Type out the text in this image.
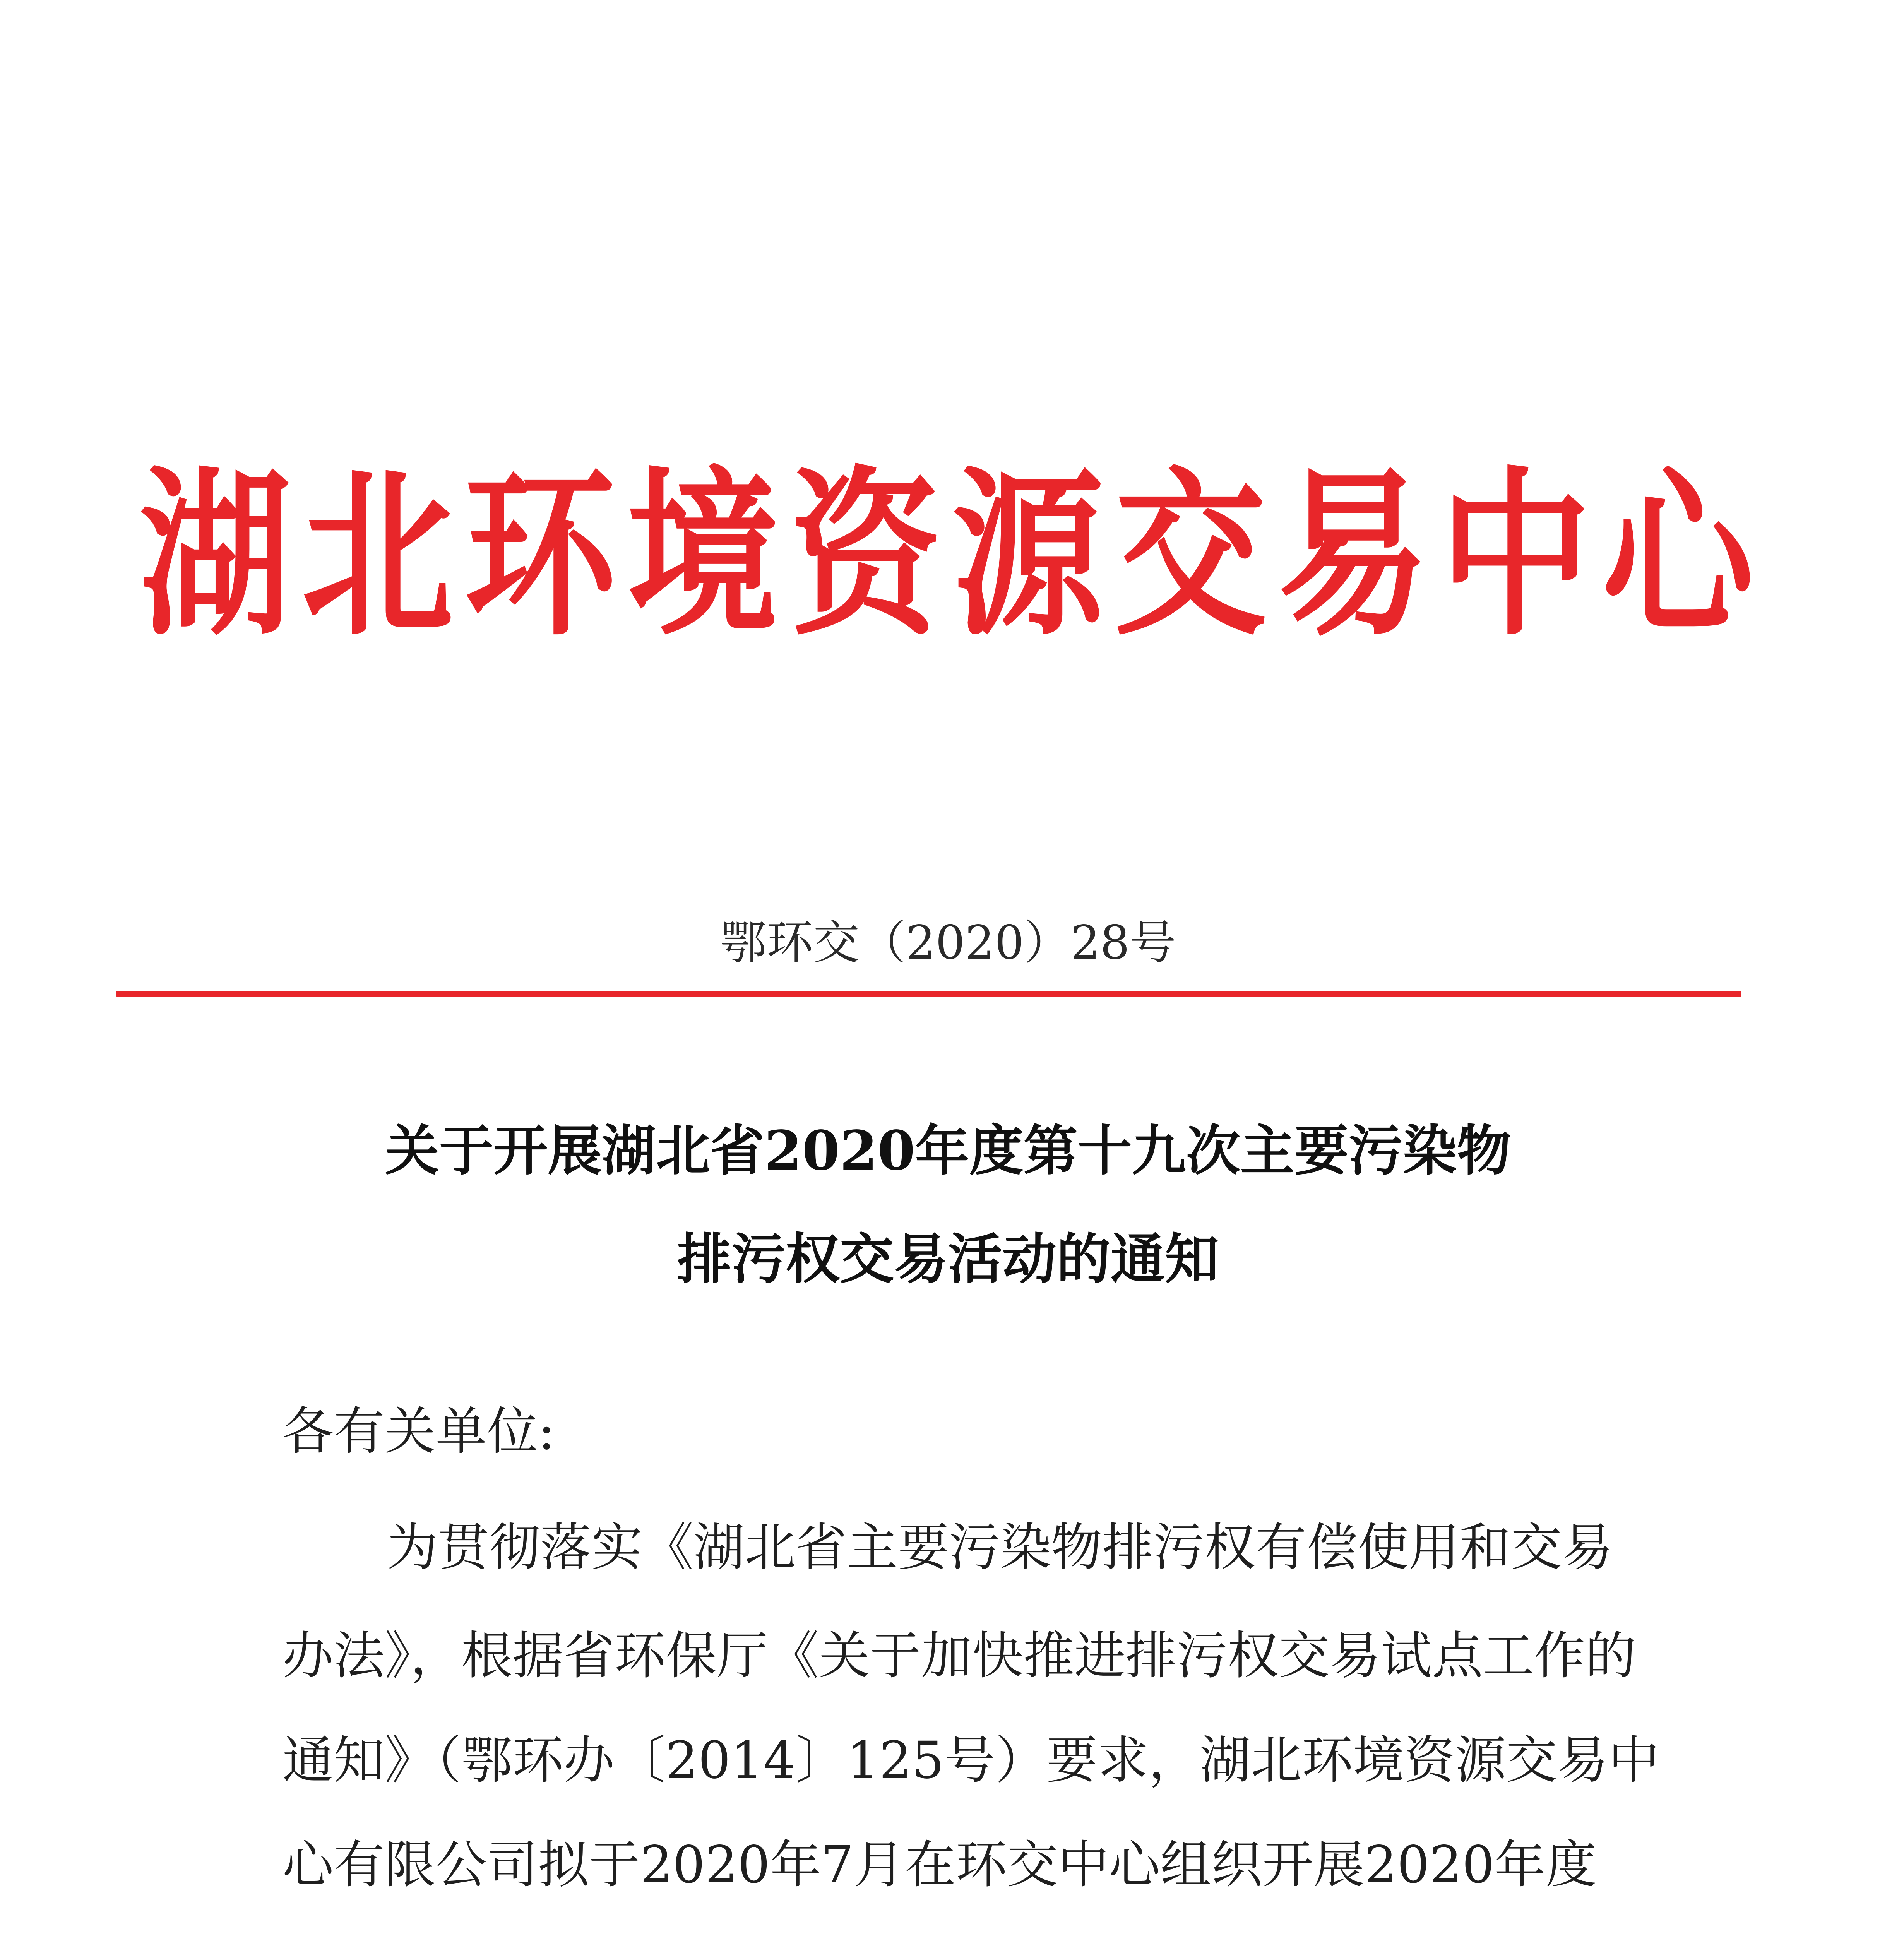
湖北环境资源交易中心
鄂环交（2020）28号
关于开展湖北省2020年度第十九次主要污染物
排污权交易活动的通知
各有关单位:
为贯彻落实《湖北省主要污染物排污权有偿使用和交易
办法》，根据省环保厅《关于加快推进排污权交易试点工作的
通知》（鄂环办〔2014〕125号）要求，湖北环境资源交易中
心有限公司拟于2020年7月在环交中心组织开展2020年度
